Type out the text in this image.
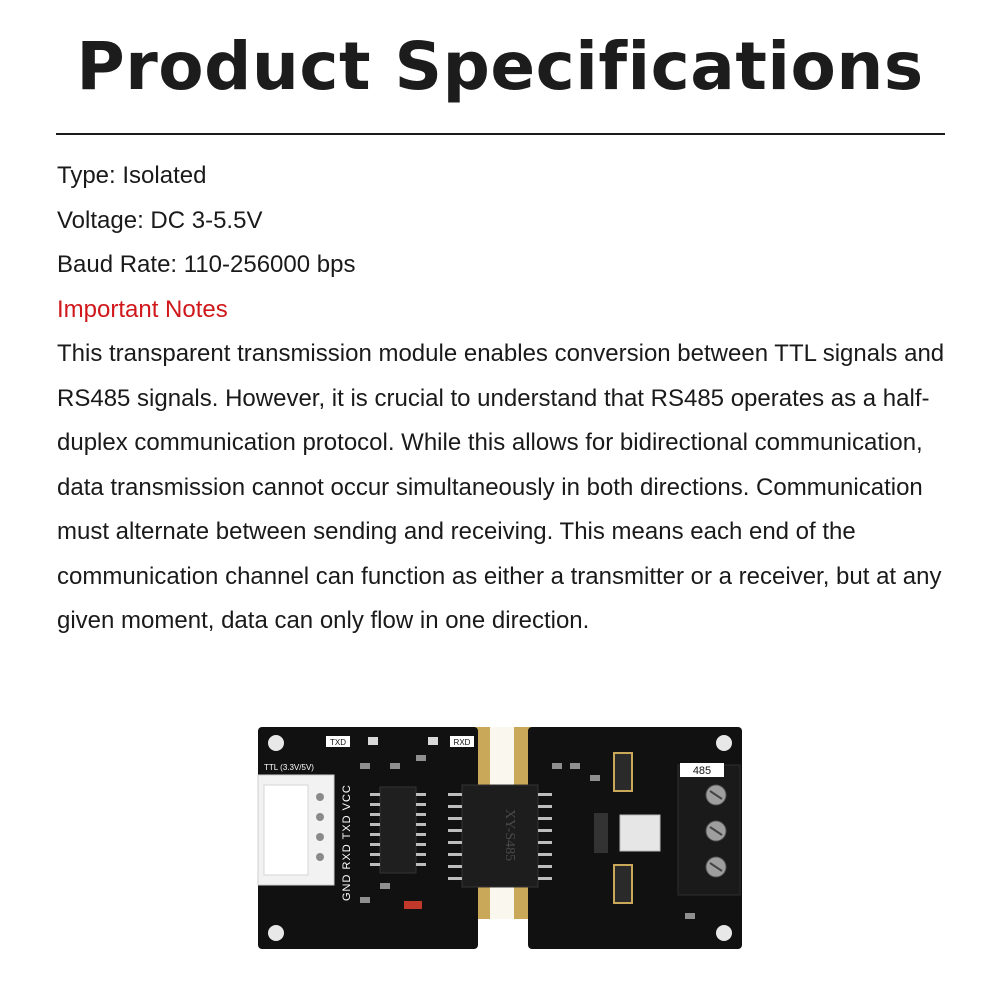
Product Specifications
Type: Isolated
Voltage: DC 3-5.5V
Baud Rate: 110-256000 bps
Important Notes
This transparent transmission module enables conversion between TTL signals and RS485 signals. However, it is crucial to understand that RS485 operates as a half-duplex communication protocol. While this allows for bidirectional communication, data transmission cannot occur simultaneously in both directions. Communication must alternate between sending and receiving. This means each end of the communication channel can function as either a transmitter or a receiver, but at any given moment, data can only flow in one direction.
TXD	RXD
TTL (3.3V/5V)
GND RXD TXD VCC	XY-S485
485
